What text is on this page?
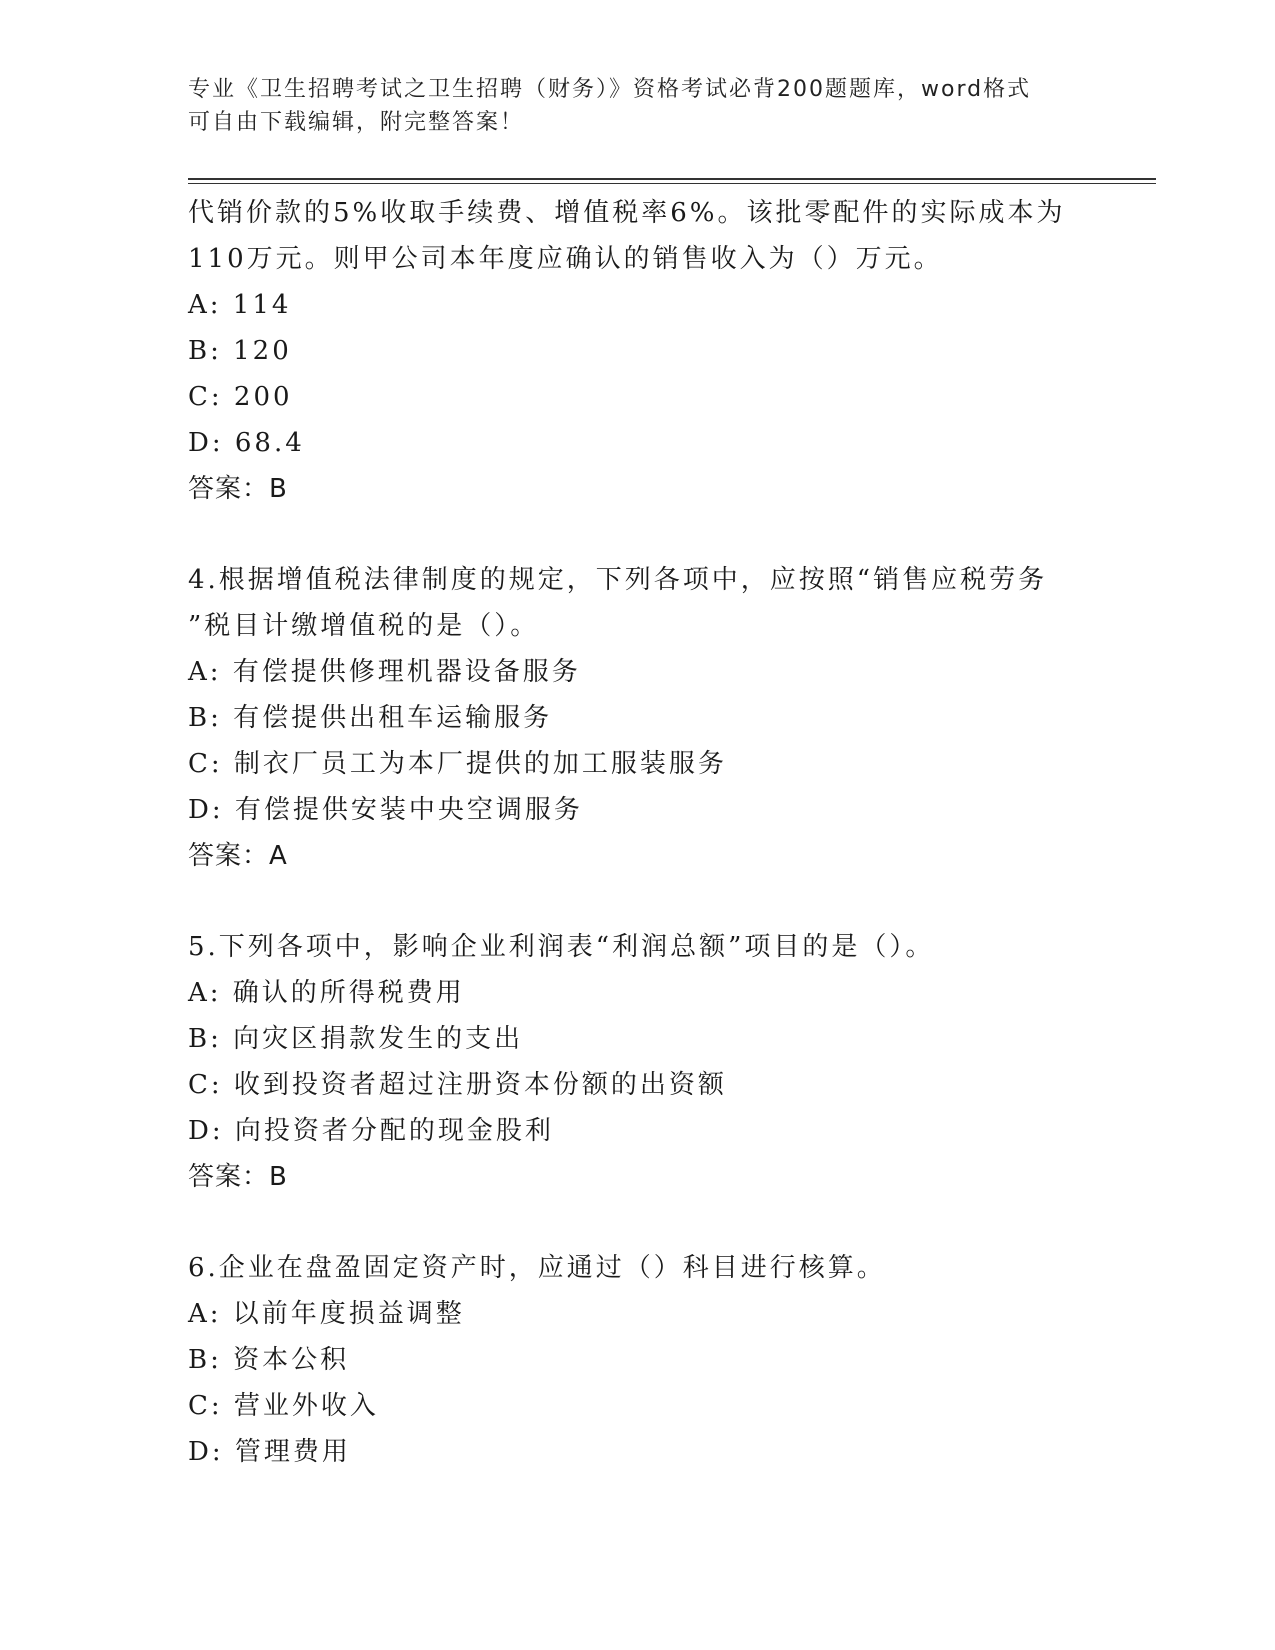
专业《卫生招聘考试之卫生招聘（财务）》资格考试必背200题题库，word格式
可自由下载编辑，附完整答案！
代销价款的5%收取手续费、增值税率6%。该批零配件的实际成本为
110万元。则甲公司本年度应确认的销售收入为（）万元。
A: 114
B: 120
C: 200
D: 68.4
答案：B
4.根据增值税法律制度的规定，下列各项中，应按照“销售应税劳务
”税目计缴增值税的是（）。
A: 有偿提供修理机器设备服务
B: 有偿提供出租车运输服务
C: 制衣厂员工为本厂提供的加工服装服务
D: 有偿提供安装中央空调服务
答案：A
5.下列各项中，影响企业利润表“利润总额”项目的是（）。
A: 确认的所得税费用
B: 向灾区捐款发生的支出
C: 收到投资者超过注册资本份额的出资额
D: 向投资者分配的现金股利
答案：B
6.企业在盘盈固定资产时，应通过（）科目进行核算。
A: 以前年度损益调整
B: 资本公积
C: 营业外收入
D: 管理费用
